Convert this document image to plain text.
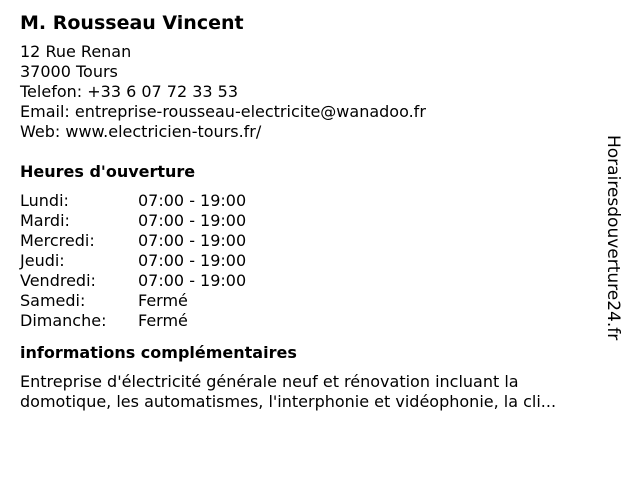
M. Rousseau Vincent
12 Rue Renan
37000 Tours
Telefon: +33 6 07 72 33 53
Email: entreprise-rousseau-electricite@wanadoo.fr
Web: www.electricien-tours.fr/
Heures d'ouverture
Lundi:	07:00 - 19:00
Mardi:	07:00 - 19:00
Mercredi:	07:00 - 19:00
Jeudi:	07:00 - 19:00
Vendredi:	07:00 - 19:00
Samedi:	Fermé
Dimanche:	Fermé
informations complémentaires
Entreprise d'électricité générale neuf et rénovation incluant la
domotique, les automatismes, l'interphonie et vidéophonie, la cli...
Horairesdouverture24.fr
